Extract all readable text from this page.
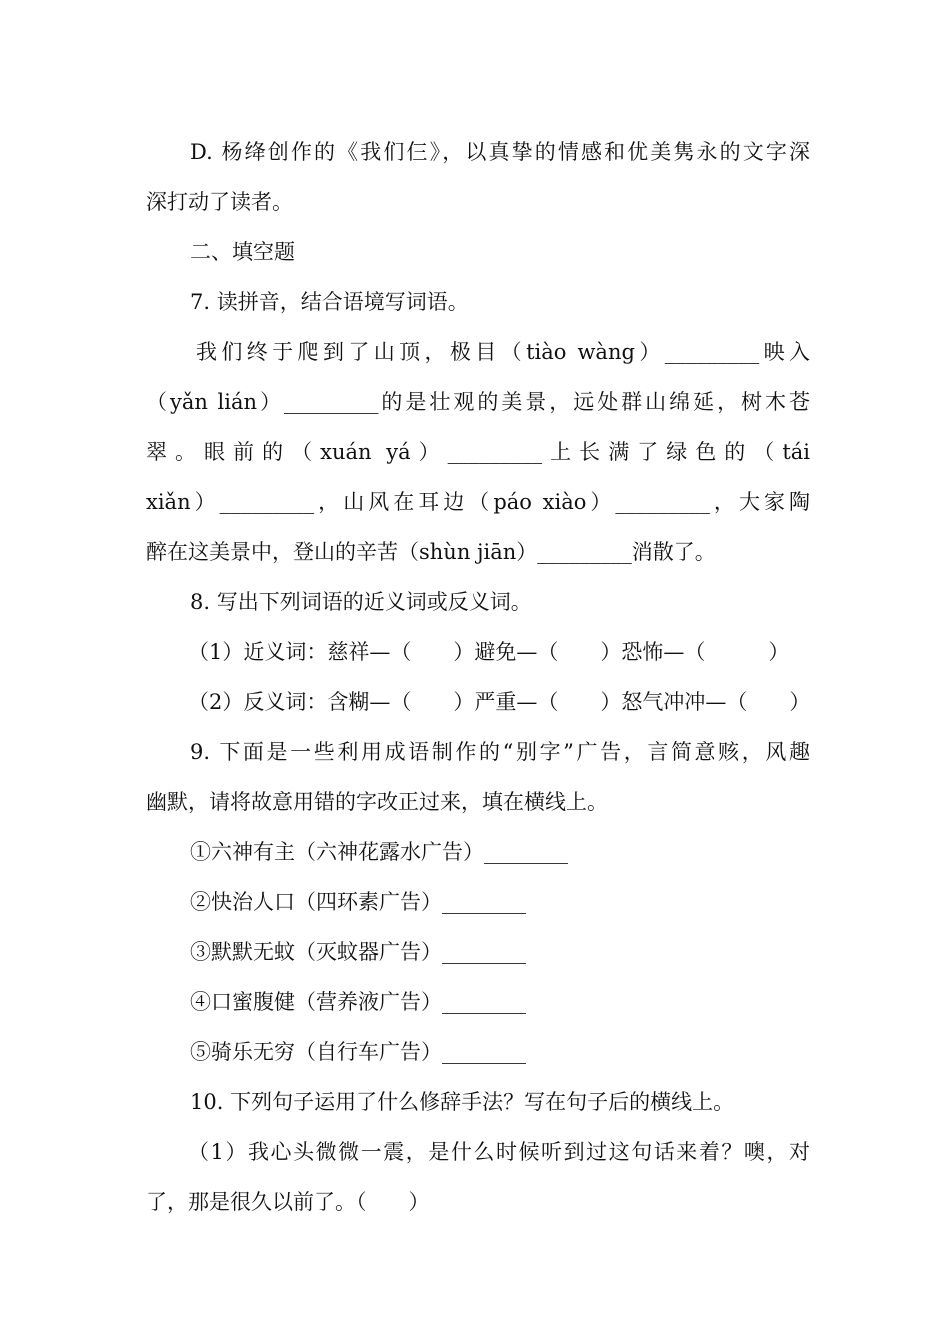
D. 杨绛创作的《我们仨》，以真挚的情感和优美隽永的文字深
深打动了读者。
二、填空题
7. 读拼音，结合语境写词语。
我们终于爬到了山顶，极目（tiào wàng）_________映入
（yǎn lián）_________的是壮观的美景，远处群山绵延，树木苍
翠。眼前的（xuán yá）_________上长满了绿色的（tái
xiǎn）_________，山风在耳边（páo xiào）_________，大家陶
醉在这美景中，登山的辛苦（shùn jiān）_________消散了。
8. 写出下列词语的近义词或反义词。
（1）近义词：慈祥—（　　）避免—（　　）恐怖—（　　　）
（2）反义词：含糊—（　　）严重—（　　）怒气冲冲—（　　）
9. 下面是一些利用成语制作的“别字”广告，言简意赅，风趣
幽默，请将故意用错的字改正过来，填在横线上。
①六神有主（六神花露水广告）________
②快治人口（四环素广告）________
③默默无蚊（灭蚊器广告）________
④口蜜腹健（营养液广告）________
⑤骑乐无穷（自行车广告）________
10. 下列句子运用了什么修辞手法？写在句子后的横线上。
（1）我心头微微一震，是什么时候听到过这句话来着？噢，对
了，那是很久以前了。（　　）
